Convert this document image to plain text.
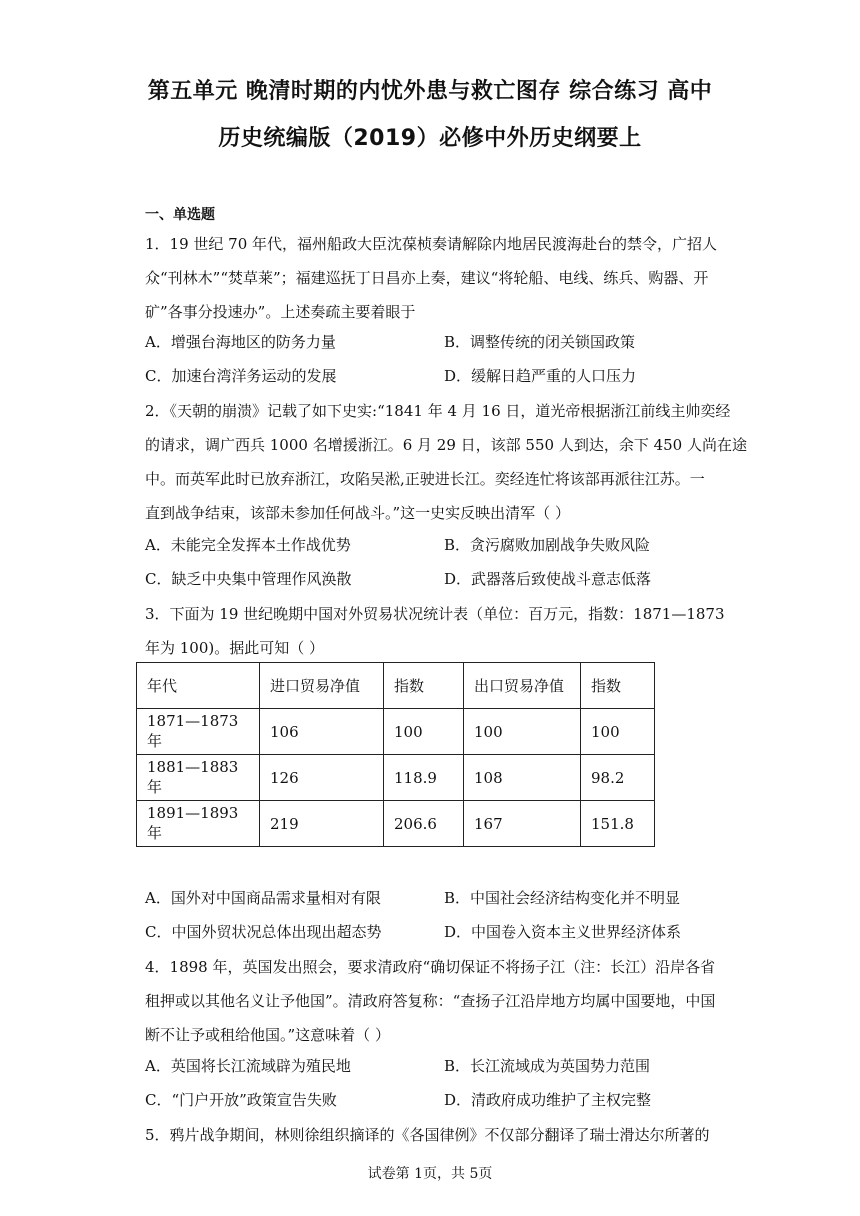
第五单元 晚清时期的内忧外患与救亡图存 综合练习 高中
历史统编版（2019）必修中外历史纲要上
一、单选题
1．19 世纪 70 年代，福州船政大臣沈葆桢奏请解除内地居民渡海赴台的禁令，广招人
众“刊林木”“焚草莱”；福建巡抚丁日昌亦上奏，建议“将轮船、电线、练兵、购器、开
矿”各事分投速办”。上述奏疏主要着眼于
A．增强台海地区的防务力量	B．调整传统的闭关锁国政策
C．加速台湾洋务运动的发展	D．缓解日趋严重的人口压力
2．《天朝的崩溃》记载了如下史实:“1841 年 4 月 16 日，道光帝根据浙江前线主帅奕经
的请求，调广西兵 1000 名增援浙江。6 月 29 日，该部 550 人到达，余下 450 人尚在途
中。而英军此时已放弃浙江，攻陷吴淞,正驶进长江。奕经连忙将该部再派往江苏。一
直到战争结束，该部未参加任何战斗。”这一史实反映出清军（ ）
A．未能完全发挥本土作战优势	B．贪污腐败加剧战争失败风险
C．缺乏中央集中管理作风涣散	D．武器落后致使战斗意志低落
3．下面为 19 世纪晚期中国对外贸易状况统计表（单位：百万元，指数：1871—1873
年为 100)。据此可知（ ）
年代	进口贸易净值	指数	出口贸易净值	指数
1871—1873 年	106	100	100	100
1881—1883 年	126	118.9	108	98.2
1891—1893 年	219	206.6	167	151.8
A．国外对中国商品需求量相对有限	B．中国社会经济结构变化并不明显
C．中国外贸状况总体出现出超态势	D．中国卷入资本主义世界经济体系
4．1898 年，英国发出照会，要求清政府“确切保证不将扬子江（注：长江）沿岸各省
租押或以其他名义让予他国”。清政府答复称：“查扬子江沿岸地方均属中国要地，中国
断不让予或租给他国。”这意味着（ ）
A．英国将长江流域辟为殖民地	B．长江流域成为英国势力范围
C．“门户开放”政策宣告失败	D．清政府成功维护了主权完整
5．鸦片战争期间，林则徐组织摘译的《各国律例》不仅部分翻译了瑞士滑达尔所著的
试卷第 1页，共 5页
